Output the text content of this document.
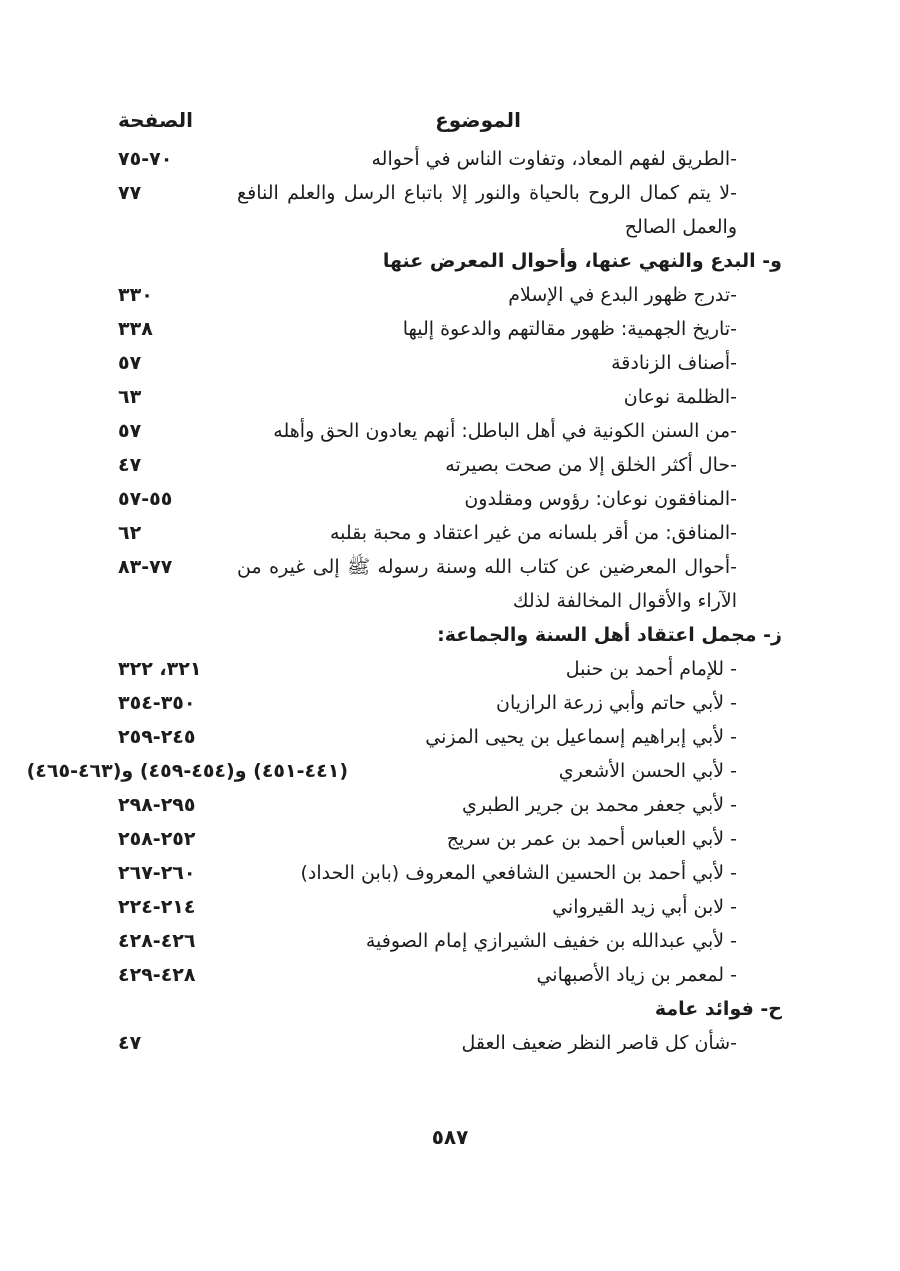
الموضوع
الصفحة
-الطريق لفهم المعاد، وتفاوت الناس في أحواله
٧٠-٧٥
-لا يتم كمال الروح بالحياة والنور إلا باتباع الرسل والعلم النافع والعمل الصالح
٧٧
و- البدع والنهي عنها، وأحوال المعرض عنها
-تدرج ظهور البدع في الإسلام
٣٣٠
-تاريخ الجهمية: ظهور مقالتهم والدعوة إليها
٣٣٨
-أصناف الزنادقة
٥٧
-الظلمة نوعان
٦٣
-من السنن الكونية في أهل الباطل: أنهم يعادون الحق وأهله
٥٧
-حال أكثر الخلق إلا من صحت بصيرته
٤٧
-المنافقون نوعان: رؤوس ومقلدون
٥٥-٥٧
-المنافق: من أقر بلسانه من غير اعتقاد و محبة بقلبه
٦٢
-أحوال المعرضين عن كتاب الله وسنة رسوله ﷺ إلى غيره من الآراء والأقوال المخالفة لذلك
٧٧-٨٣
ز- مجمل اعتقاد أهل السنة والجماعة:
- للإمام أحمد بن حنبل
٣٢١، ٣٢٢
- لأبي حاتم وأبي زرعة الرازيان
٣٥٠-٣٥٤
- لأبي إبراهيم إسماعيل بن يحيى المزني
٢٤٥-٢٥٩
- لأبي الحسن الأشعري
(٤٤١-٤٥١) و(٤٥٤-٤٥٩) و(٤٦٣-٤٦٥)
- لأبي جعفر محمد بن جرير الطبري
٢٩٥-٢٩٨
- لأبي العباس أحمد بن عمر بن سريج
٢٥٢-٢٥٨
- لأبي أحمد بن الحسين الشافعي المعروف (بابن الحداد)
٢٦٠-٢٦٧
- لابن أبي زيد القيرواني
٢١٤-٢٢٤
- لأبي عبدالله بن خفيف الشيرازي إمام الصوفية
٤٢٦-٤٢٨
- لمعمر بن زياد الأصبهاني
٤٢٨-٤٢٩
ح- فوائد عامة
-شأن كل قاصر النظر ضعيف العقل
٤٧
٥٨٧
